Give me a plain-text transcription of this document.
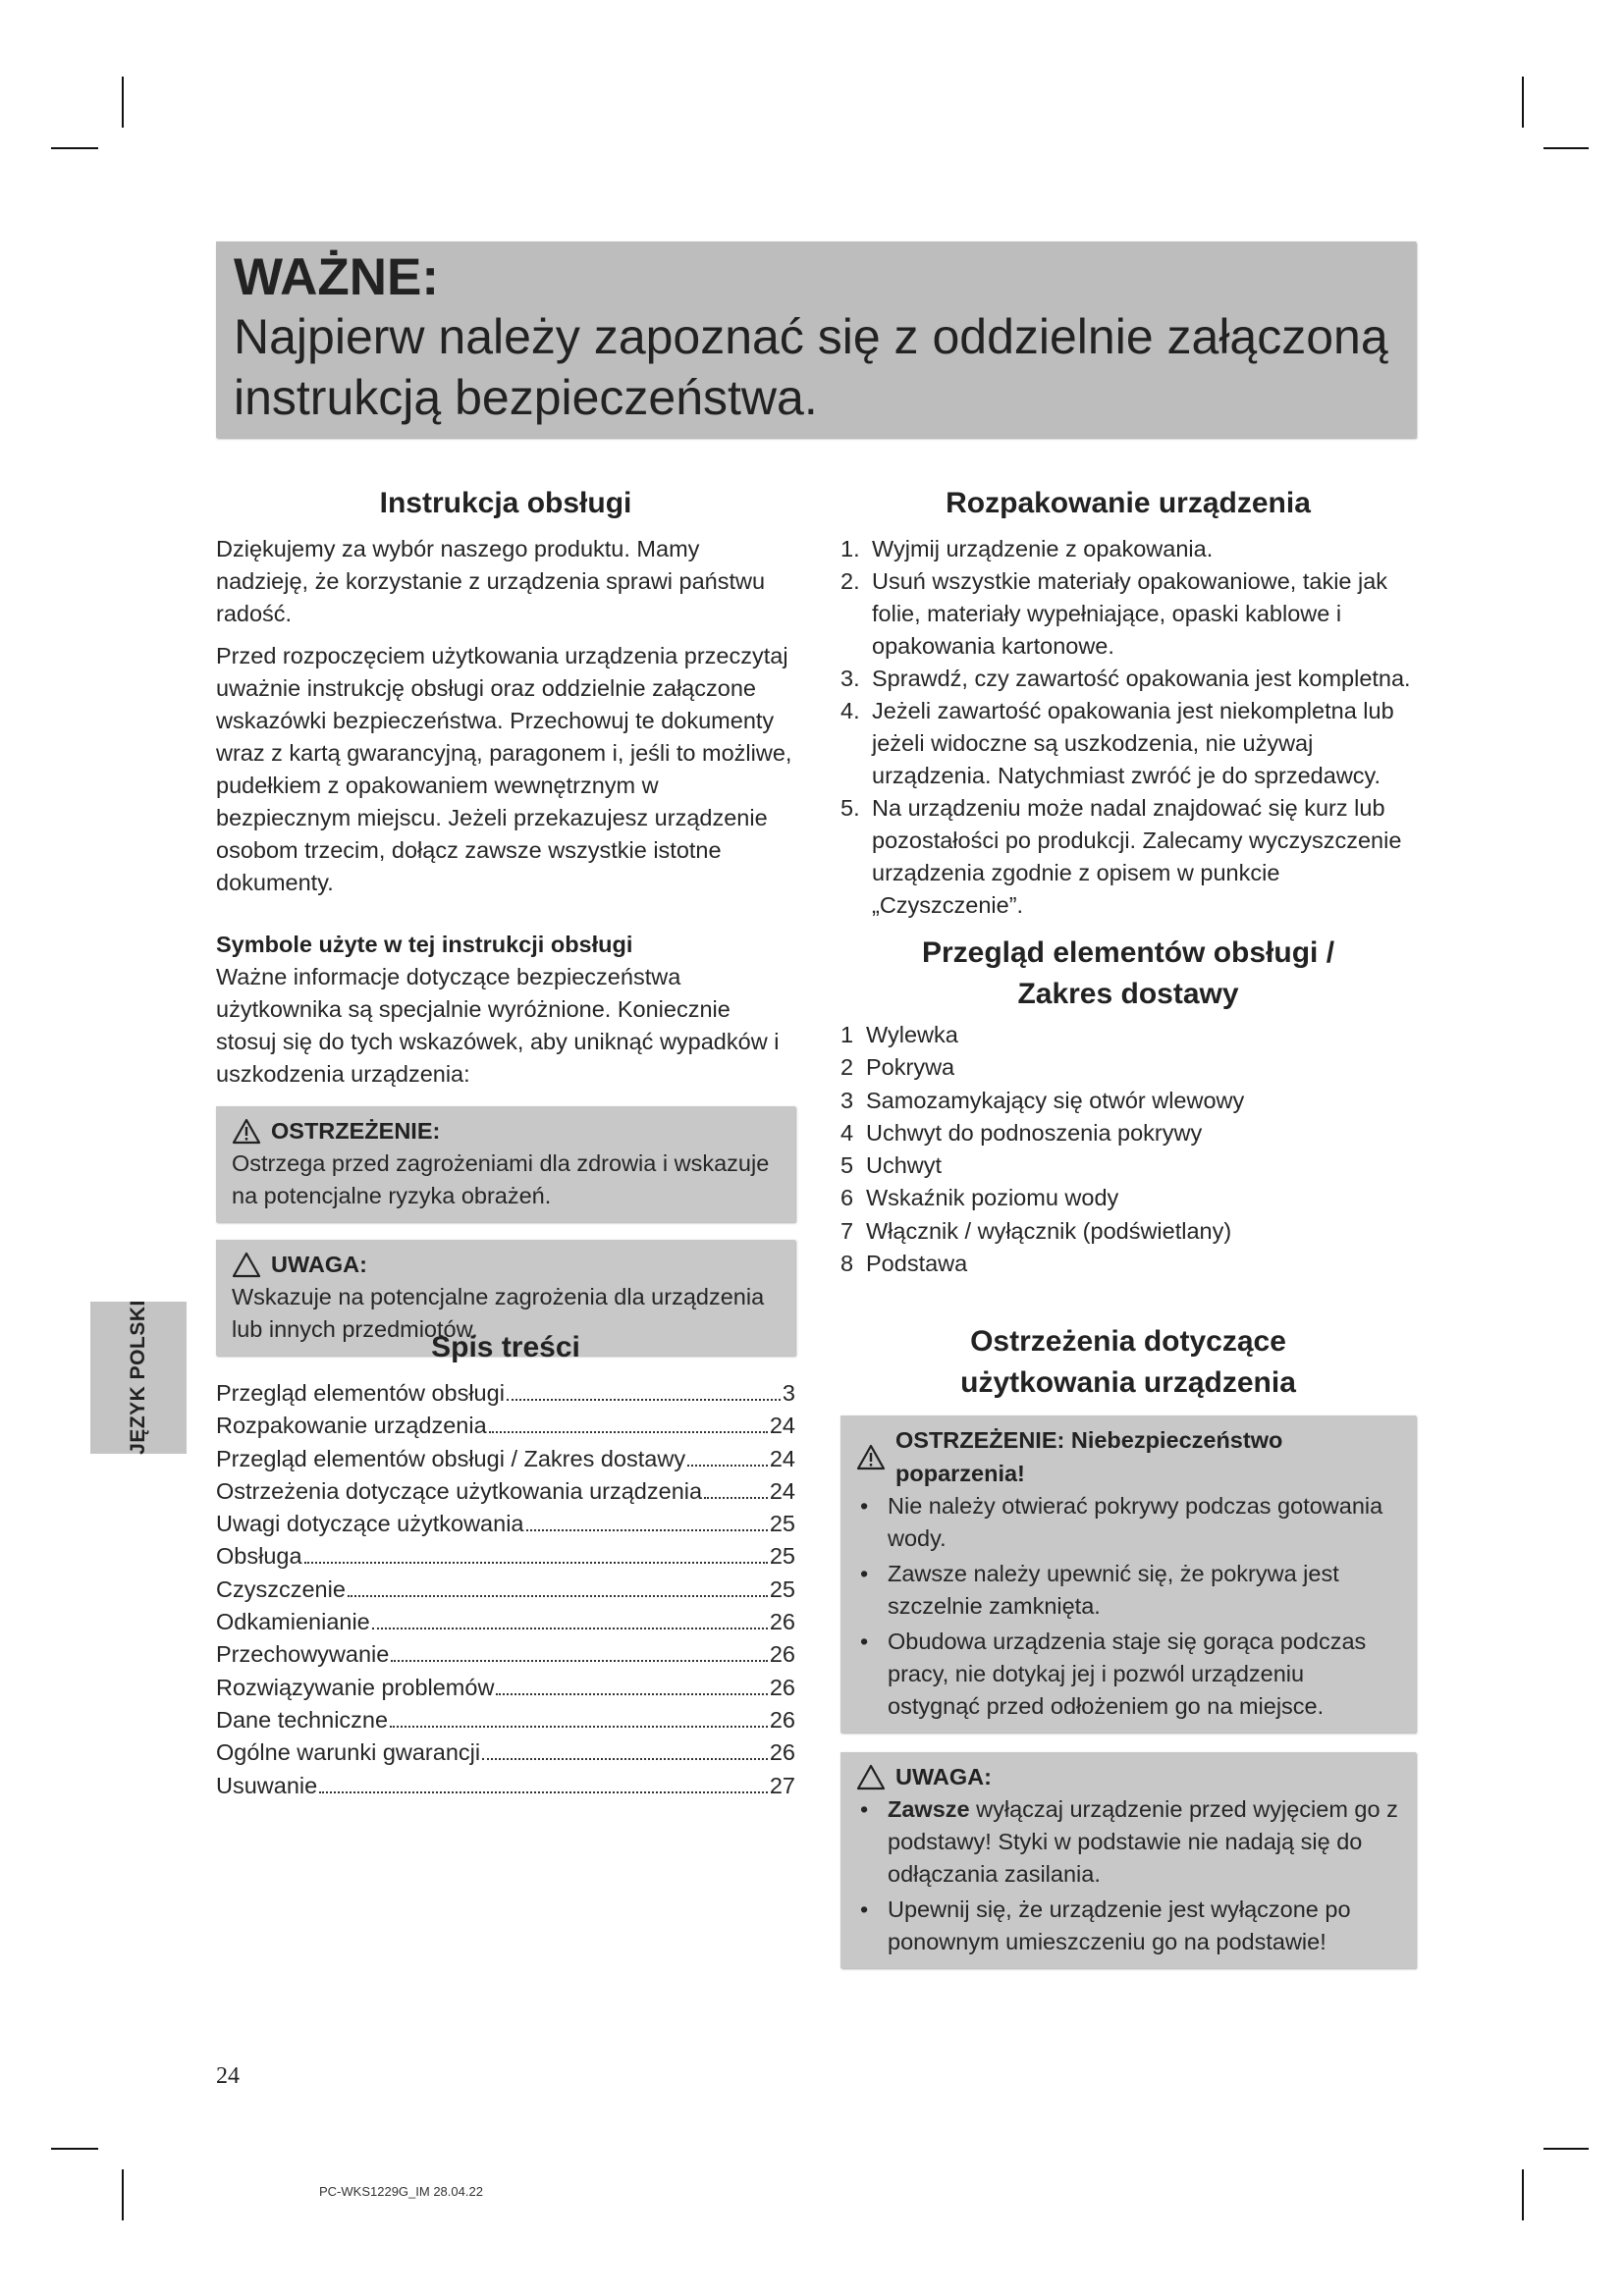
WAŻNE:
Najpierw należy zapoznać się z oddzielnie załączoną instrukcją bezpieczeństwa.
Instrukcja obsługi

Dziękujemy za wybór naszego produktu. Mamy nadzieję, że korzystanie z urządzenia sprawi państwu radość.

Przed rozpoczęciem użytkowania urządzenia przeczytaj uważnie instrukcję obsługi oraz oddzielnie załączone wskazówki bezpieczeństwa. Przechowuj te dokumenty wraz z kartą gwarancyjną, paragonem i, jeśli to możliwe, pudełkiem z opakowaniem wewnętrznym w bezpiecznym miejscu. Jeżeli przekazujesz urządzenie osobom trzecim, dołącz zawsze wszystkie istotne dokumenty.

Symbole użyte w tej instrukcji obsługi

Ważne informacje dotyczące bezpieczeństwa użytkownika są specjalnie wyróżnione. Koniecznie stosuj się do tych wskazówek, aby uniknąć wypadków i uszkodzenia urządzenia:

OSTRZEŻENIE:

Ostrzega przed zagrożeniami dla zdrowia i wskazuje na potencjalne ryzyka obrażeń.

UWAGA:

Wskazuje na potencjalne zagrożenia dla urządzenia lub innych przedmiotów.

Spis treści
Przegląd elementów obsługi	3
Rozpakowanie urządzenia	24
Przegląd elementów obsługi / Zakres dostawy	24
Ostrzeżenia dotyczące użytkowania urządzenia	24
Uwagi dotyczące użytkowania	25
Obsługa	25
Czyszczenie	25
Odkamienianie	26
Przechowywanie	26
Rozwiązywanie problemów	26
Dane techniczne	26
Ogólne warunki gwarancji	26
Usuwanie	27
Rozpakowanie urządzenia
1. Wyjmij urządzenie z opakowania.
2. Usuń wszystkie materiały opakowaniowe, takie jak folie, materiały wypełniające, opaski kablowe i opakowania kartonowe.
3. Sprawdź, czy zawartość opakowania jest kompletna.
4. Jeżeli zawartość opakowania jest niekompletna lub jeżeli widoczne są uszkodzenia, nie używaj urządzenia. Natychmiast zwróć je do sprzedawcy.
5. Na urządzeniu może nadal znajdować się kurz lub pozostałości po produkcji. Zalecamy wyczyszczenie urządzenia zgodnie z opisem w punkcie „Czyszczenie”.
Przegląd elementów obsługi /
Zakres dostawy
1 Wylewka
2 Pokrywa
3 Samozamykający się otwór wlewowy
4 Uchwyt do podnoszenia pokrywy
5 Uchwyt
6 Wskaźnik poziomu wody
7 Włącznik / wyłącznik (podświetlany)
8 Podstawa
Ostrzeżenia dotyczące
użytkowania urządzenia
OSTRZEŻENIE: Niebezpieczeństwo poparzenia!
• Nie należy otwierać pokrywy podczas gotowania wody.
• Zawsze należy upewnić się, że pokrywa jest szczelnie zamknięta.
• Obudowa urządzenia staje się gorąca podczas pracy, nie dotykaj jej i pozwól urządzeniu ostygnąć przed odłożeniem go na miejsce.
UWAGA:
• Zawsze wyłączaj urządzenie przed wyjęciem go z podstawy! Styki w podstawie nie nadają się do odłączania zasilania.
• Upewnij się, że urządzenie jest wyłączone po ponownym umieszczeniu go na podstawie!
JĘZYK POLSKI
24
PC-WKS1229G_IM 28.04.22
